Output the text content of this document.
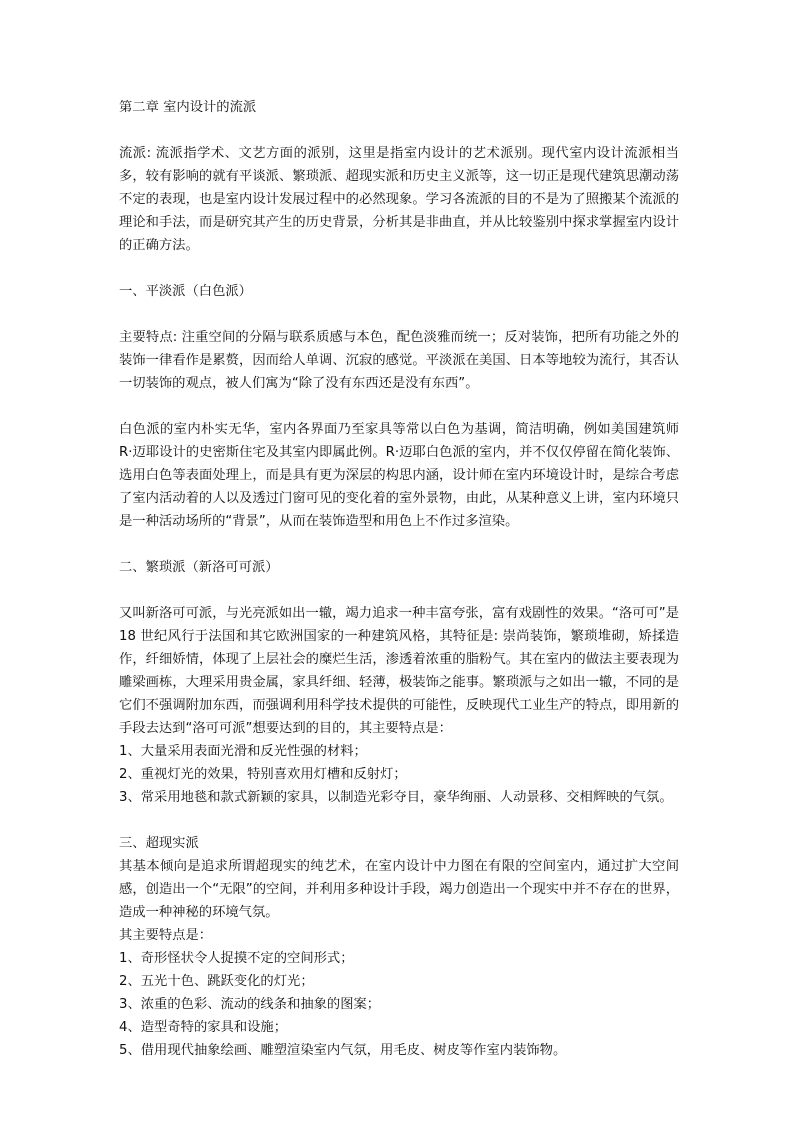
第二章 室内设计的流派

流派: 流派指学术、文艺方面的派别，这里是指室内设计的艺术派别。现代室内设计流派相当多，较有影响的就有平谈派、繁琐派、超现实派和历史主义派等，这一切正是现代建筑思潮动荡不定的表现，也是室内设计发展过程中的必然现象。学习各流派的目的不是为了照搬某个流派的理论和手法，而是研究其产生的历史背景，分析其是非曲直，并从比较鉴别中探求掌握室内设计的正确方法。

一、平淡派（白色派）

主要特点: 注重空间的分隔与联系质感与本色，配色淡雅而统一；反对装饰，把所有功能之外的装饰一律看作是累赘，因而给人单调、沉寂的感觉。平淡派在美国、日本等地较为流行，其否认一切装饰的观点，被人们寓为“除了没有东西还是没有东西”。

白色派的室内朴实无华，室内各界面乃至家具等常以白色为基调，简洁明确，例如美国建筑师 R·迈耶设计的史密斯住宅及其室内即属此例。R·迈耶白色派的室内，并不仅仅停留在简化装饰、选用白色等表面处理上，而是具有更为深层的构思内涵，设计师在室内环境设计时，是综合考虑了室内活动着的人以及透过门窗可见的变化着的室外景物，由此，从某种意义上讲，室内环境只是一种活动场所的“背景”，从而在装饰造型和用色上不作过多渲染。

二、繁琐派（新洛可可派）

又叫新洛可可派，与光亮派如出一辙，竭力追求一种丰富夸张，富有戏剧性的效果。“洛可可”是 18 世纪风行于法国和其它欧洲国家的一种建筑风格，其特征是: 崇尚装饰，繁琐堆砌，矫揉造作，纤细娇情，体现了上层社会的糜烂生活，渗透着浓重的脂粉气。其在室内的做法主要表现为雕梁画栋，大理采用贵金属，家具纤细、轻薄，极装饰之能事。繁琐派与之如出一辙，不同的是它们不强调附加东西，而强调利用科学技术提供的可能性，反映现代工业生产的特点，即用新的手段去达到“洛可可派”想要达到的目的，其主要特点是：

1、大量采用表面光滑和反光性强的材料；

2、重视灯光的效果，特别喜欢用灯槽和反射灯；

3、常采用地毯和款式新颖的家具，以制造光彩夺目，豪华绚丽、人动景移、交相辉映的气氛。

三、超现实派

其基本倾向是追求所谓超现实的纯艺术，在室内设计中力图在有限的空间室内，通过扩大空间感，创造出一个“无限”的空间，并利用多种设计手段，竭力创造出一个现实中并不存在的世界，造成一种神秘的环境气氛。

其主要特点是：

1、奇形怪状令人捉摸不定的空间形式；

2、五光十色、跳跃变化的灯光；

3、浓重的色彩、流动的线条和抽象的图案；

4、造型奇特的家具和设施；

5、借用现代抽象绘画、雕塑渲染室内气氛，用毛皮、树皮等作室内装饰物。
